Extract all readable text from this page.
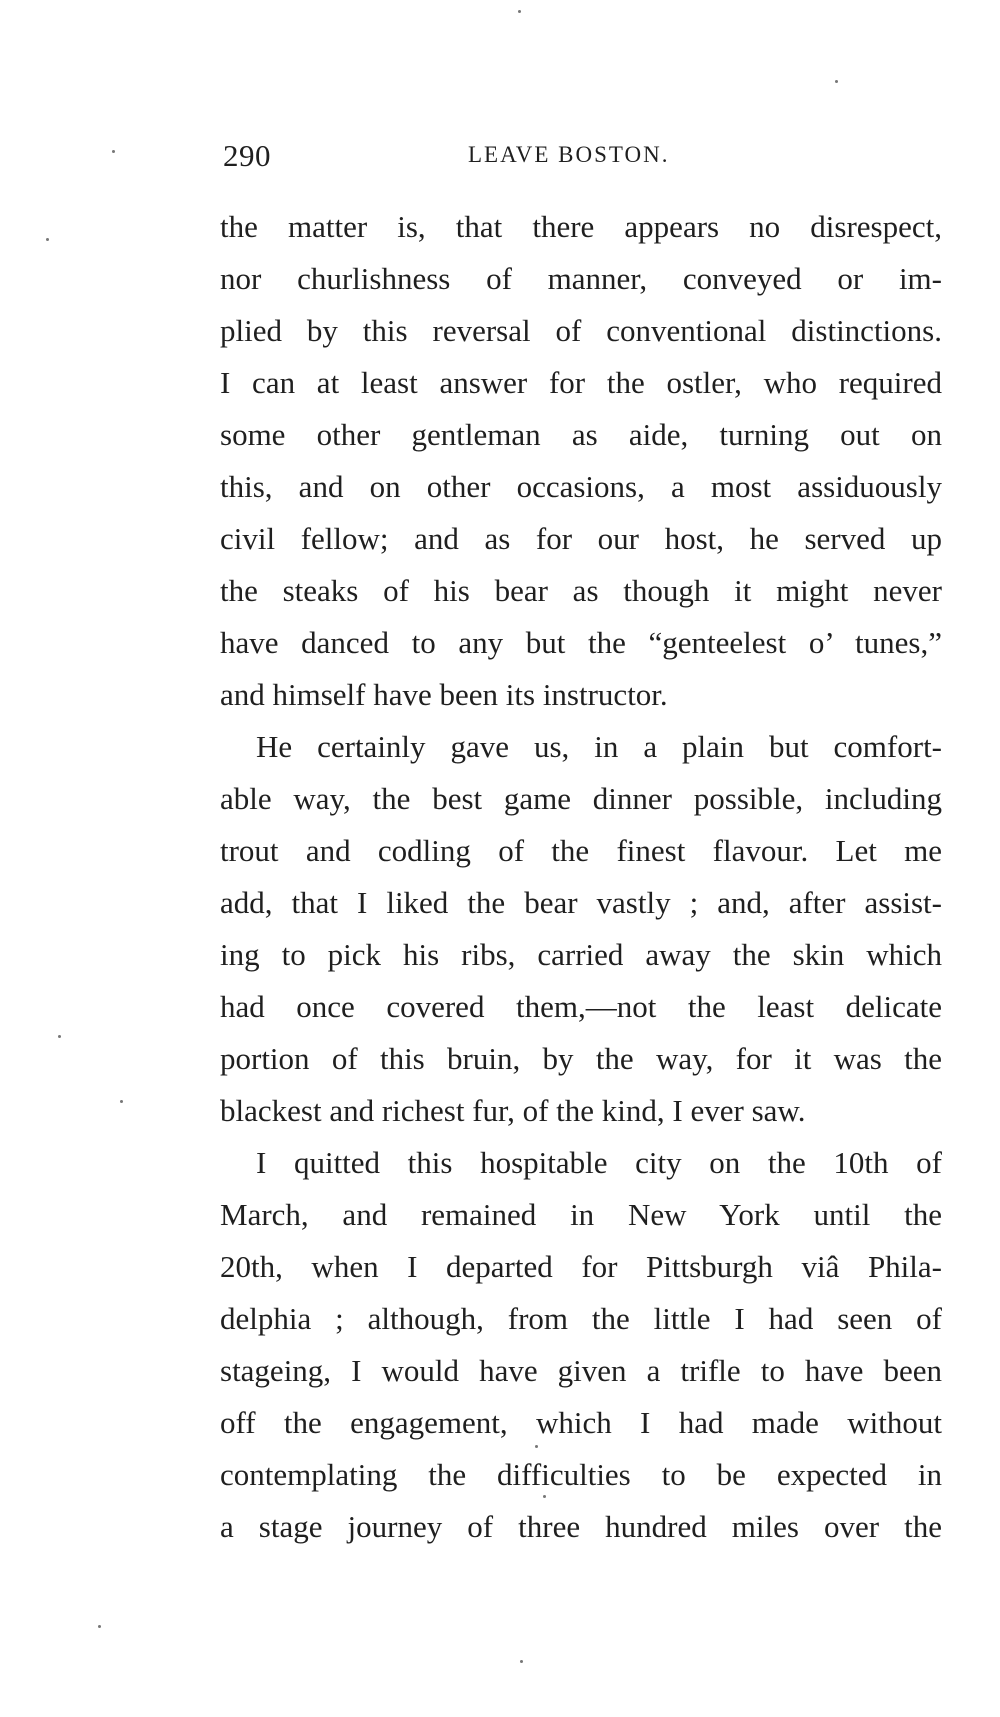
290	LEAVE BOSTON.
the matter is, that there appears no disrespect,
nor churlishness of manner, conveyed or im-
plied by this reversal of conventional distinctions.
I can at least answer for the ostler, who required
some other gentleman as aide, turning out on
this, and on other occasions, a most assiduously
civil fellow; and as for our host, he served up
the steaks of his bear as though it might never
have danced to any but the “genteelest o’ tunes,”
and himself have been its instructor.
He certainly gave us, in a plain but comfort-
able way, the best game dinner possible, including
trout and codling of the finest flavour. Let me
add, that I liked the bear vastly ; and, after assist-
ing to pick his ribs, carried away the skin which
had once covered them,—not the least delicate
portion of this bruin, by the way, for it was the
blackest and richest fur, of the kind, I ever saw.
I quitted this hospitable city on the 10th of
March, and remained in New York until the
20th, when I departed for Pittsburgh viâ Phila-
delphia ; although, from the little I had seen of
stageing, I would have given a trifle to have been
off the engagement, which I had made without
contemplating the difficulties to be expected in
a stage journey of three hundred miles over the
